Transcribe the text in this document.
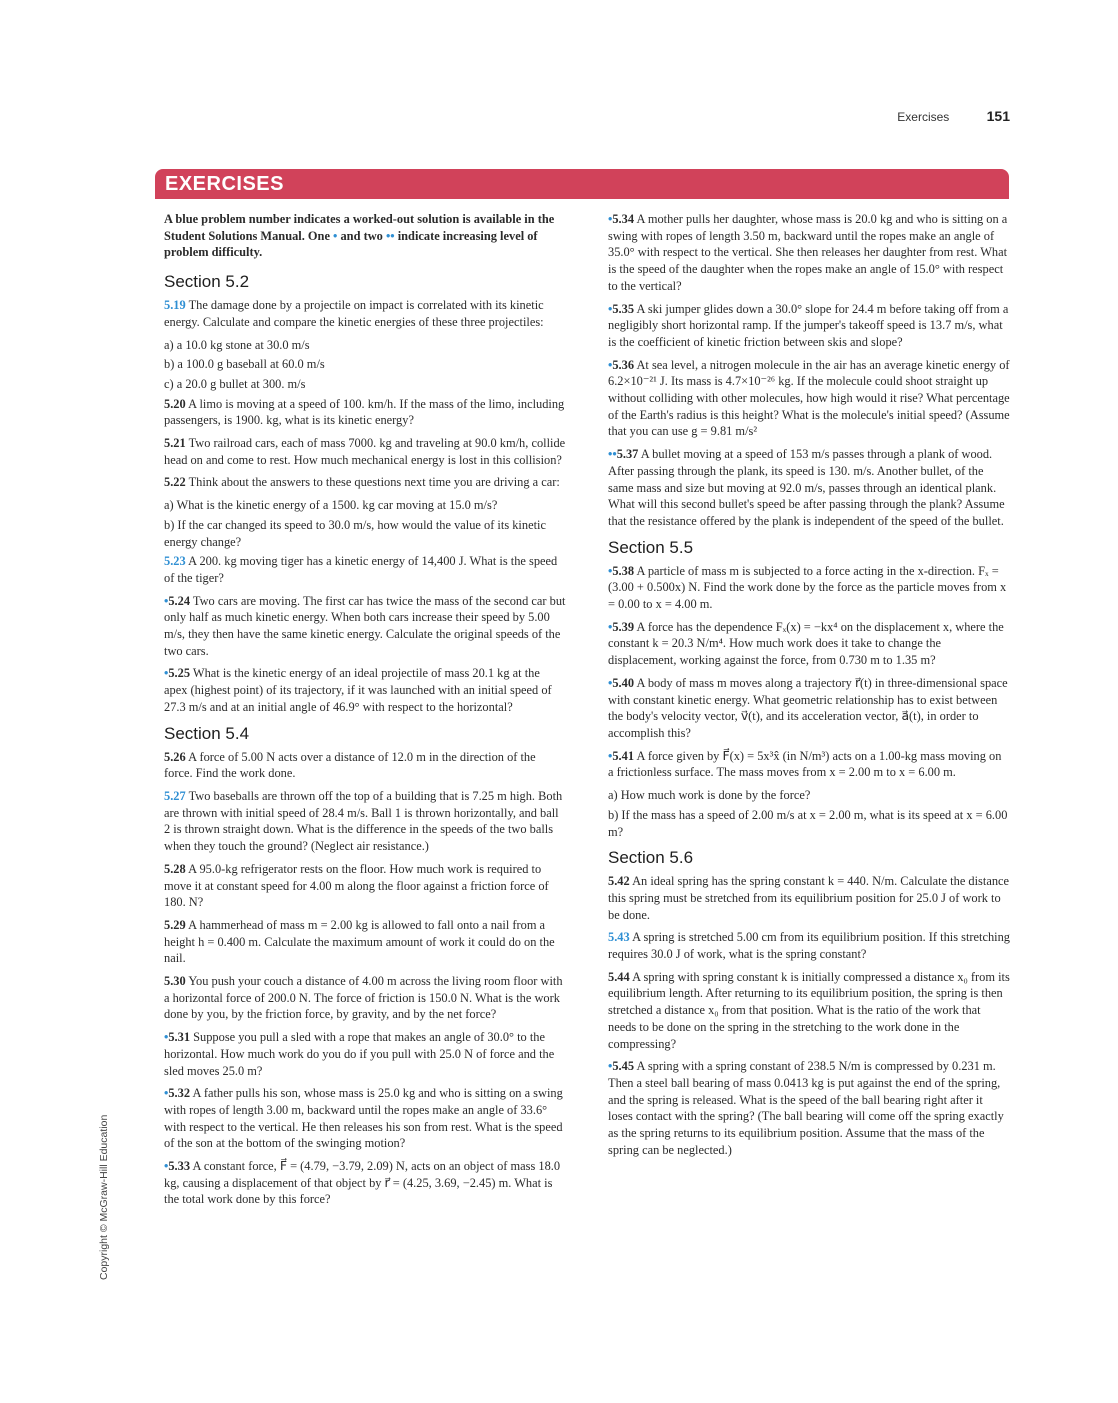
Exercises	151
EXERCISES

A blue problem number indicates a worked-out solution is available in the Student Solutions Manual. One • and two •• indicate increasing level of problem difficulty.

Section 5.2

5.19 The damage done by a projectile on impact is correlated with its kinetic energy. Calculate and compare the kinetic energies of these three projectiles:

a) a 10.0 kg stone at 30.0 m/s

b) a 100.0 g baseball at 60.0 m/s

c) a 20.0 g bullet at 300. m/s

5.20 A limo is moving at a speed of 100. km/h. If the mass of the limo, including passengers, is 1900. kg, what is its kinetic energy?

5.21 Two railroad cars, each of mass 7000. kg and traveling at 90.0 km/h, collide head on and come to rest. How much mechanical energy is lost in this collision?

5.22 Think about the answers to these questions next time you are driving a car:

a) What is the kinetic energy of a 1500. kg car moving at 15.0 m/s?

b) If the car changed its speed to 30.0 m/s, how would the value of its kinetic energy change?

5.23 A 200. kg moving tiger has a kinetic energy of 14,400 J. What is the speed of the tiger?

•5.24 Two cars are moving. The first car has twice the mass of the second car but only half as much kinetic energy. When both cars increase their speed by 5.00 m/s, they then have the same kinetic energy. Calculate the original speeds of the two cars.

•5.25 What is the kinetic energy of an ideal projectile of mass 20.1 kg at the apex (highest point) of its trajectory, if it was launched with an initial speed of 27.3 m/s and at an initial angle of 46.9° with respect to the horizontal?

Section 5.4

5.26 A force of 5.00 N acts over a distance of 12.0 m in the direction of the force. Find the work done.

5.27 Two baseballs are thrown off the top of a building that is 7.25 m high. Both are thrown with initial speed of 28.4 m/s. Ball 1 is thrown horizontally, and ball 2 is thrown straight down. What is the difference in the speeds of the two balls when they touch the ground? (Neglect air resistance.)

5.28 A 95.0-kg refrigerator rests on the floor. How much work is required to move it at constant speed for 4.00 m along the floor against a friction force of 180. N?

5.29 A hammerhead of mass m = 2.00 kg is allowed to fall onto a nail from a height h = 0.400 m. Calculate the maximum amount of work it could do on the nail.

5.30 You push your couch a distance of 4.00 m across the living room floor with a horizontal force of 200.0 N. The force of friction is 150.0 N. What is the work done by you, by the friction force, by gravity, and by the net force?

•5.31 Suppose you pull a sled with a rope that makes an angle of 30.0° to the horizontal. How much work do you do if you pull with 25.0 N of force and the sled moves 25.0 m?

•5.32 A father pulls his son, whose mass is 25.0 kg and who is sitting on a swing with ropes of length 3.00 m, backward until the ropes make an angle of 33.6° with respect to the vertical. He then releases his son from rest. What is the speed of the son at the bottom of the swinging motion?

•5.33 A constant force, F⃗ = (4.79, −3.79, 2.09) N, acts on an object of mass 18.0 kg, causing a displacement of that object by r⃗ = (4.25, 3.69, −2.45) m. What is the total work done by this force?

•5.34 A mother pulls her daughter, whose mass is 20.0 kg and who is sitting on a swing with ropes of length 3.50 m, backward until the ropes make an angle of 35.0° with respect to the vertical. She then releases her daughter from rest. What is the speed of the daughter when the ropes make an angle of 15.0° with respect to the vertical?

•5.35 A ski jumper glides down a 30.0° slope for 24.4 m before taking off from a negligibly short horizontal ramp. If the jumper's takeoff speed is 13.7 m/s, what is the coefficient of kinetic friction between skis and slope?

•5.36 At sea level, a nitrogen molecule in the air has an average kinetic energy of 6.2×10⁻²¹ J. Its mass is 4.7×10⁻²⁶ kg. If the molecule could shoot straight up without colliding with other molecules, how high would it rise? What percentage of the Earth's radius is this height? What is the molecule's initial speed? (Assume that you can use g = 9.81 m/s²

••5.37 A bullet moving at a speed of 153 m/s passes through a plank of wood. After passing through the plank, its speed is 130. m/s. Another bullet, of the same mass and size but moving at 92.0 m/s, passes through an identical plank. What will this second bullet's speed be after passing through the plank? Assume that the resistance offered by the plank is independent of the speed of the bullet.

Section 5.5

•5.38 A particle of mass m is subjected to a force acting in the x-direction. Fₓ = (3.00 + 0.500x) N. Find the work done by the force as the particle moves from x = 0.00 to x = 4.00 m.

•5.39 A force has the dependence Fₓ(x) = −kx⁴ on the displacement x, where the constant k = 20.3 N/m⁴. How much work does it take to change the displacement, working against the force, from 0.730 m to 1.35 m?

•5.40 A body of mass m moves along a trajectory r⃗(t) in three-dimensional space with constant kinetic energy. What geometric relationship has to exist between the body's velocity vector, v⃗(t), and its acceleration vector, a⃗(t), in order to accomplish this?

•5.41 A force given by F⃗(x) = 5x³x̂ (in N/m³) acts on a 1.00-kg mass moving on a frictionless surface. The mass moves from x = 2.00 m to x = 6.00 m.

a) How much work is done by the force?

b) If the mass has a speed of 2.00 m/s at x = 2.00 m, what is its speed at x = 6.00 m?

Section 5.6

5.42 An ideal spring has the spring constant k = 440. N/m. Calculate the distance this spring must be stretched from its equilibrium position for 25.0 J of work to be done.

5.43 A spring is stretched 5.00 cm from its equilibrium position. If this stretching requires 30.0 J of work, what is the spring constant?

5.44 A spring with spring constant k is initially compressed a distance x₀ from its equilibrium length. After returning to its equilibrium position, the spring is then stretched a distance x₀ from that position. What is the ratio of the work that needs to be done on the spring in the stretching to the work done in the compressing?

•5.45 A spring with a spring constant of 238.5 N/m is compressed by 0.231 m. Then a steel ball bearing of mass 0.0413 kg is put against the end of the spring, and the spring is released. What is the speed of the ball bearing right after it loses contact with the spring? (The ball bearing will come off the spring exactly as the spring returns to its equilibrium position. Assume that the mass of the spring can be neglected.)

Copyright © McGraw-Hill Education
